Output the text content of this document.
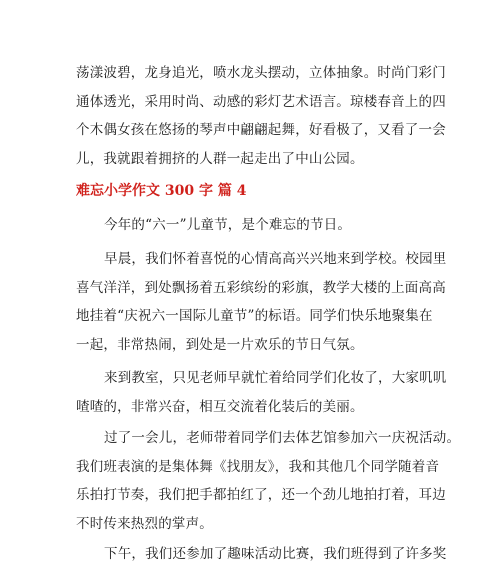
荡漾波碧，龙身追光，喷水龙头摆动，立体抽象。时尚门彩门
通体透光，采用时尚、动感的彩灯艺术语言。琼楼春音上的四
个木偶女孩在悠扬的琴声中翩翩起舞，好看极了，又看了一会
儿，我就跟着拥挤的人群一起走出了中山公园。
难忘小学作文 300 字 篇 4
今年的“六一”儿童节，是个难忘的节日。
早晨，我们怀着喜悦的心情高高兴兴地来到学校。校园里
喜气洋洋，到处飘扬着五彩缤纷的彩旗，教学大楼的上面高高
地挂着“庆祝六一国际儿童节”的标语。同学们快乐地聚集在
一起，非常热闹，到处是一片欢乐的节日气氛。
来到教室，只见老师早就忙着给同学们化妆了，大家叽叽
喳喳的，非常兴奋，相互交流着化装后的美丽。
过了一会儿，老师带着同学们去体艺馆参加六一庆祝活动。
我们班表演的是集体舞《找朋友》，我和其他几个同学随着音
乐拍打节奏，我们把手都拍红了，还一个劲儿地拍打着，耳边
不时传来热烈的掌声。
下午，我们还参加了趣味活动比赛，我们班得到了许多奖
